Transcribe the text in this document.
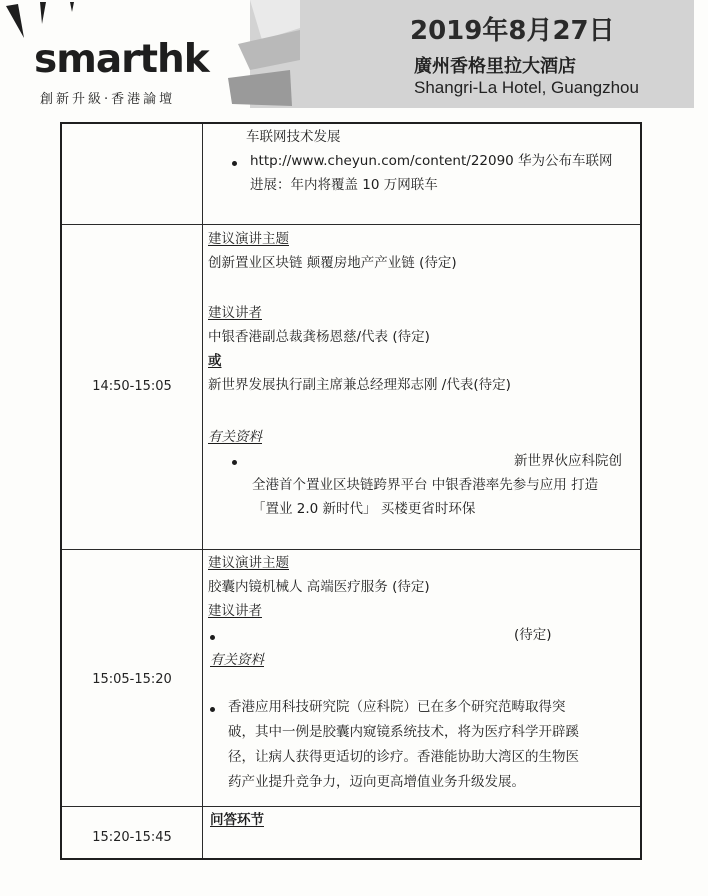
smarthk
創新升級·香港論壇
2019年8月27日
廣州香格里拉大酒店
Shangri-La Hotel, Guangzhou
车联网技术发展
http://www.cheyun.com/content/22090 华为公布车联网
进展：年内将覆盖 10 万网联车
14:50-15:05
建议演讲主题
创新置业区块链 颠覆房地产产业链 (待定)
建议讲者
中银香港副总裁龚杨恩慈/代表 (待定)
或
新世界发展执行副主席兼总经理郑志刚 /代表(待定)
有关资料
新世界伙应科院创
全港首个置业区块链跨界平台 中银香港率先参与应用 打造
「置业 2.0 新时代」 买楼更省时环保
15:05-15:20
建议演讲主题
胶囊内镜机械人 高端医疗服务 (待定)
建议讲者
(待定)
有关资料
香港应用科技研究院（应科院）已在多个研究范畴取得突
破，其中一例是胶囊内窥镜系统技术，将为医疗科学开辟蹊
径，让病人获得更适切的诊疗。香港能协助大湾区的生物医
药产业提升竞争力，迈向更高增值业务升级发展。
15:20-15:45
问答环节
